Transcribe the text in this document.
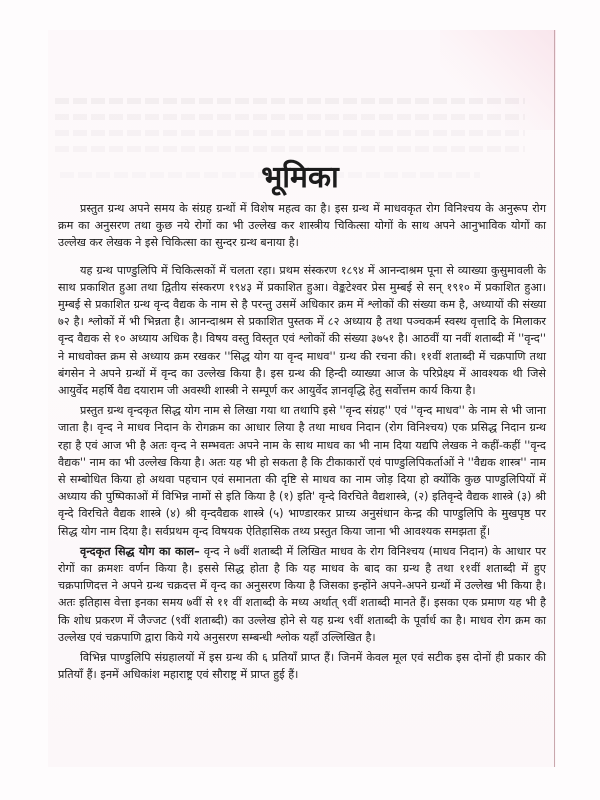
भूमिका

प्रस्तुत ग्रन्थ अपने समय के संग्रह ग्रन्थों में विशेष महत्व का है। इस ग्रन्थ में माधवकृत रोग विनिश्चय के अनुरूप रोग क्रम का अनुसरण तथा कुछ नये रोगों का भी उल्लेख कर शास्त्रीय चिकित्सा योगों के साथ अपने आनुभाविक योगों का उल्लेख कर लेखक ने इसे चिकित्सा का सुन्दर ग्रन्थ बनाया है।

यह ग्रन्थ पाण्डुलिपि में चिकित्सकों में चलता रहा। प्रथम संस्करण १८९४ में आनन्दाश्रम पूना से व्याख्या कुसुमावली के साथ प्रकाशित हुआ तथा द्वितीय संस्करण १९४३ में प्रकाशित हुआ। वेङ्कटेश्वर प्रेस मुम्बई से सन् १९१० में प्रकाशित हुआ। मुम्बई से प्रकाशित ग्रन्थ वृन्द वैद्यक के नाम से है परन्तु उसमें अधिकार क्रम में श्लोकों की संख्या कम है, अध्यायों की संख्या ७२ है। श्लोकों में भी भिन्नता है। आनन्दाश्रम से प्रकाशित पुस्तक में ८२ अध्याय है तथा पञ्चकर्म स्वस्थ वृत्तादि के मिलाकर वृन्द वैद्यक से १० अध्याय अधिक है। विषय वस्तु विस्तृत एवं श्लोकों की संख्या ३७५१ है। आठवीं या नवीं शताब्दी में ''वृन्द'' ने माधवोक्त क्रम से अध्याय क्रम रखकर ''सिद्ध योग या वृन्द माधव'' ग्रन्थ की रचना की। ११वीं शताब्दी में चक्रपाणि तथा बंगसेन ने अपने ग्रन्थों में वृन्द का उल्लेख किया है। इस ग्रन्थ की हिन्दी व्याख्या आज के परिप्रेक्ष्य में आवश्यक थी जिसे आयुर्वेद महर्षि वैद्य दयाराम जी अवस्थी शास्त्री ने सम्पूर्ण कर आयुर्वेद ज्ञानवृद्धि हेतु सर्वोत्तम कार्य किया है।

प्रस्तुत ग्रन्थ वृन्दकृत सिद्ध योग नाम से लिखा गया था तथापि इसे ''वृन्द संग्रह'' एवं ''वृन्द माधव'' के नाम से भी जाना जाता है। वृन्द ने माधव निदान के रोगक्रम का आधार लिया है तथा माधव निदान (रोग विनिश्चय) एक प्रसिद्ध निदान ग्रन्थ रहा है एवं आज भी है अतः वृन्द ने सम्भवतः अपने नाम के साथ माधव का भी नाम दिया यद्यपि लेखक ने कहीं-कहीं ''वृन्द वैद्यक'' नाम का भी उल्लेख किया है। अतः यह भी हो सकता है कि टीकाकारों एवं पाण्डुलिपिकर्ताओं ने ''वैद्यक शास्त्र'' नाम से सम्बोधित किया हो अथवा पहचान एवं समानता की दृष्टि से माधव का नाम जोड़ दिया हो क्योंकि कुछ पाण्डुलिपियों में अध्याय की पुष्पिकाओं में विभिन्न नामों से इति किया है (१) इति' वृन्दे विरचिते वैद्यशास्त्रे, (२) इतिवृन्दे वैद्यक शास्त्रे (३) श्री वृन्दे विरचिते वैद्यक शास्त्रे (४) श्री वृन्दवैद्यक शास्त्रे (५) भाण्डारकर प्राच्य अनुसंधान केन्द्र की पाण्डुलिपि के मुखपृष्ठ पर सिद्ध योग नाम दिया है। सर्वप्रथम वृन्द विषयक ऐतिहासिक तथ्य प्रस्तुत किया जाना भी आवश्यक समझता हूँ।

वृन्दकृत सिद्ध योग का काल– वृन्द ने ७वीं शताब्दी में लिखित माधव के रोग विनिश्चय (माधव निदान) के आधार पर रोगों का क्रमशः वर्णन किया है। इससे सिद्ध होता है कि यह माधव के बाद का ग्रन्थ है तथा ११वीं शताब्दी में हुए चक्रपाणिदत्त ने अपने ग्रन्थ चक्रदत्त में वृन्द का अनुसरण किया है जिसका इन्होंने अपने-अपने ग्रन्थों में उल्लेख भी किया है। अतः इतिहास वेत्ता इनका समय ७वीं से ११ वीं शताब्दी के मध्य अर्थात् ९वीं शताब्दी मानते हैं। इसका एक प्रमाण यह भी है कि शोध प्रकरण में जैज्जट (९वीं शताब्दी) का उल्लेख होने से यह ग्रन्थ ९वीं शताब्दी के पूर्वार्ध का है। माधव रोग क्रम का उल्लेख एवं चक्रपाणि द्वारा किये गये अनुसरण सम्बन्धी श्लोक यहाँ उल्लिखित है।

विभिन्न पाण्डुलिपि संग्रहालयों में इस ग्रन्थ की ६ प्रतियाँ प्राप्त हैं। जिनमें केवल मूल एवं सटीक इस दोनों ही प्रकार की प्रतियाँ हैं। इनमें अधिकांश महाराष्ट्र एवं सौराष्ट्र में प्राप्त हुई हैं।
